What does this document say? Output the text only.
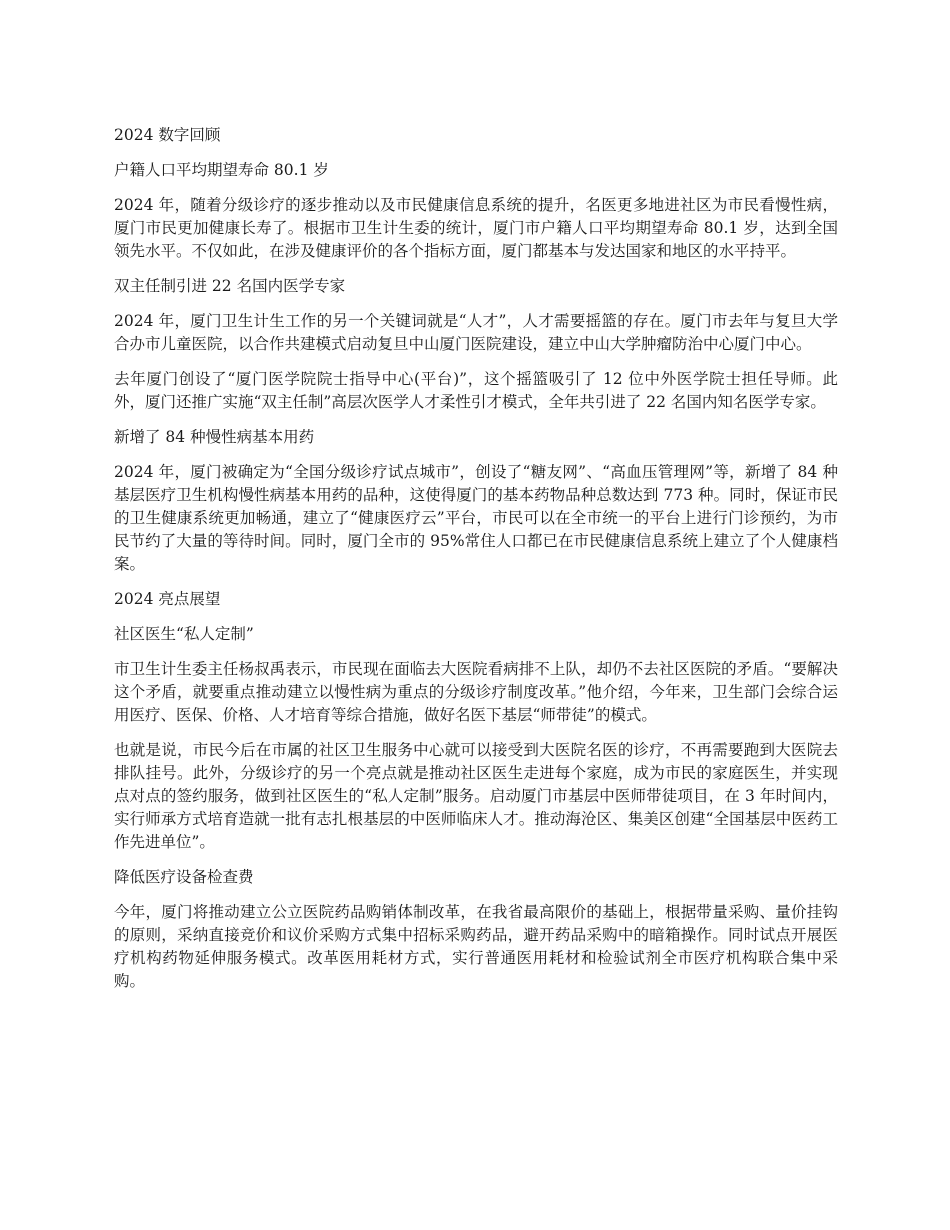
2024 数字回顾

户籍人口平均期望寿命 80.1 岁

2024 年，随着分级诊疗的逐步推动以及市民健康信息系统的提升，名医更多地进社区为市民看慢性病，厦门市民更加健康长寿了。根据市卫生计生委的统计，厦门市户籍人口平均期望寿命 80.1 岁，达到全国领先水平。不仅如此，在涉及健康评价的各个指标方面，厦门都基本与发达国家和地区的水平持平。

双主任制引进 22 名国内医学专家

2024 年，厦门卫生计生工作的另一个关键词就是“人才”，人才需要摇篮的存在。厦门市去年与复旦大学合办市儿童医院，以合作共建模式启动复旦中山厦门医院建设，建立中山大学肿瘤防治中心厦门中心。

去年厦门创设了“厦门医学院院士指导中心(平台)”，这个摇篮吸引了 12 位中外医学院士担任导师。此外，厦门还推广实施“双主任制”高层次医学人才柔性引才模式，全年共引进了 22 名国内知名医学专家。

新增了 84 种慢性病基本用药

2024 年，厦门被确定为“全国分级诊疗试点城市”，创设了“糖友网”、“高血压管理网”等，新增了 84 种基层医疗卫生机构慢性病基本用药的品种，这使得厦门的基本药物品种总数达到 773 种。同时，保证市民的卫生健康系统更加畅通，建立了“健康医疗云”平台，市民可以在全市统一的平台上进行门诊预约，为市民节约了大量的等待时间。同时，厦门全市的 95%常住人口都已在市民健康信息系统上建立了个人健康档案。

2024 亮点展望

社区医生“私人定制”

市卫生计生委主任杨叔禹表示，市民现在面临去大医院看病排不上队，却仍不去社区医院的矛盾。“要解决这个矛盾，就要重点推动建立以慢性病为重点的分级诊疗制度改革。”他介绍，今年来，卫生部门会综合运用医疗、医保、价格、人才培育等综合措施，做好名医下基层“师带徒”的模式。

也就是说，市民今后在市属的社区卫生服务中心就可以接受到大医院名医的诊疗，不再需要跑到大医院去排队挂号。此外，分级诊疗的另一个亮点就是推动社区医生走进每个家庭，成为市民的家庭医生，并实现点对点的签约服务，做到社区医生的“私人定制”服务。启动厦门市基层中医师带徒项目，在 3 年时间内，实行师承方式培育造就一批有志扎根基层的中医师临床人才。推动海沧区、集美区创建“全国基层中医药工作先进单位”。

降低医疗设备检查费

今年，厦门将推动建立公立医院药品购销体制改革，在我省最高限价的基础上，根据带量采购、量价挂钩的原则，采纳直接竞价和议价采购方式集中招标采购药品，避开药品采购中的暗箱操作。同时试点开展医疗机构药物延伸服务模式。改革医用耗材方式，实行普通医用耗材和检验试剂全市医疗机构联合集中采购。
